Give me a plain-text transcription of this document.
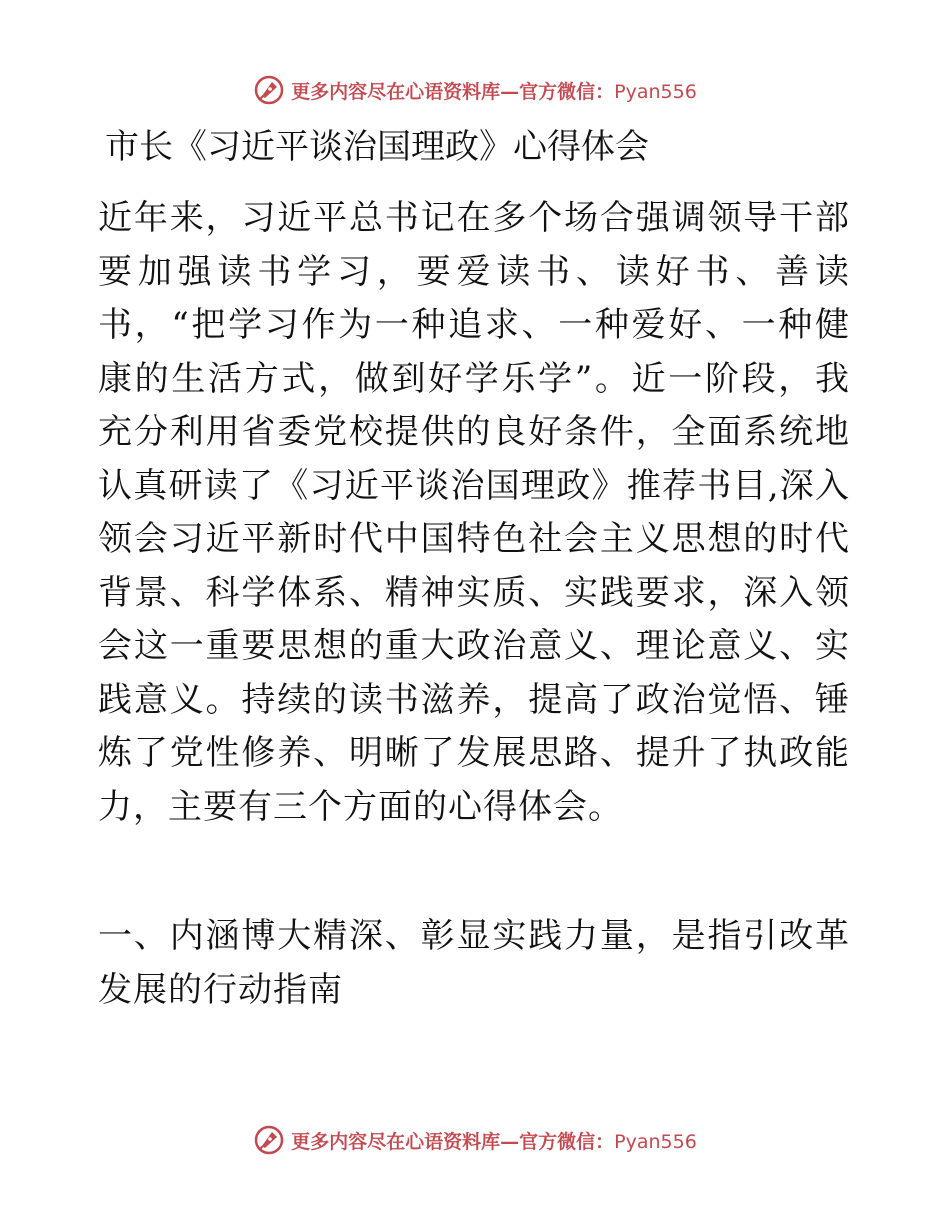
更多内容尽在心语资料库—官方微信：Pyan556
市长《习近平谈治国理政》心得体会

近年来，习近平总书记在多个场合强调领导干部要加强读书学习，要爱读书、读好书、善读书，“把学习作为一种追求、一种爱好、一种健康的生活方式，做到好学乐学”。近一阶段，我充分利用省委党校提供的良好条件，全面系统地认真研读了《习近平谈治国理政》推荐书目,深入领会习近平新时代中国特色社会主义思想的时代背景、科学体系、精神实质、实践要求，深入领会这一重要思想的重大政治意义、理论意义、实践意义。持续的读书滋养，提高了政治觉悟、锤炼了党性修养、明晰了发展思路、提升了执政能力，主要有三个方面的心得体会。

一、内涵博大精深、彰显实践力量，是指引改革发展的行动指南

更多内容尽在心语资料库—官方微信：Pyan556
